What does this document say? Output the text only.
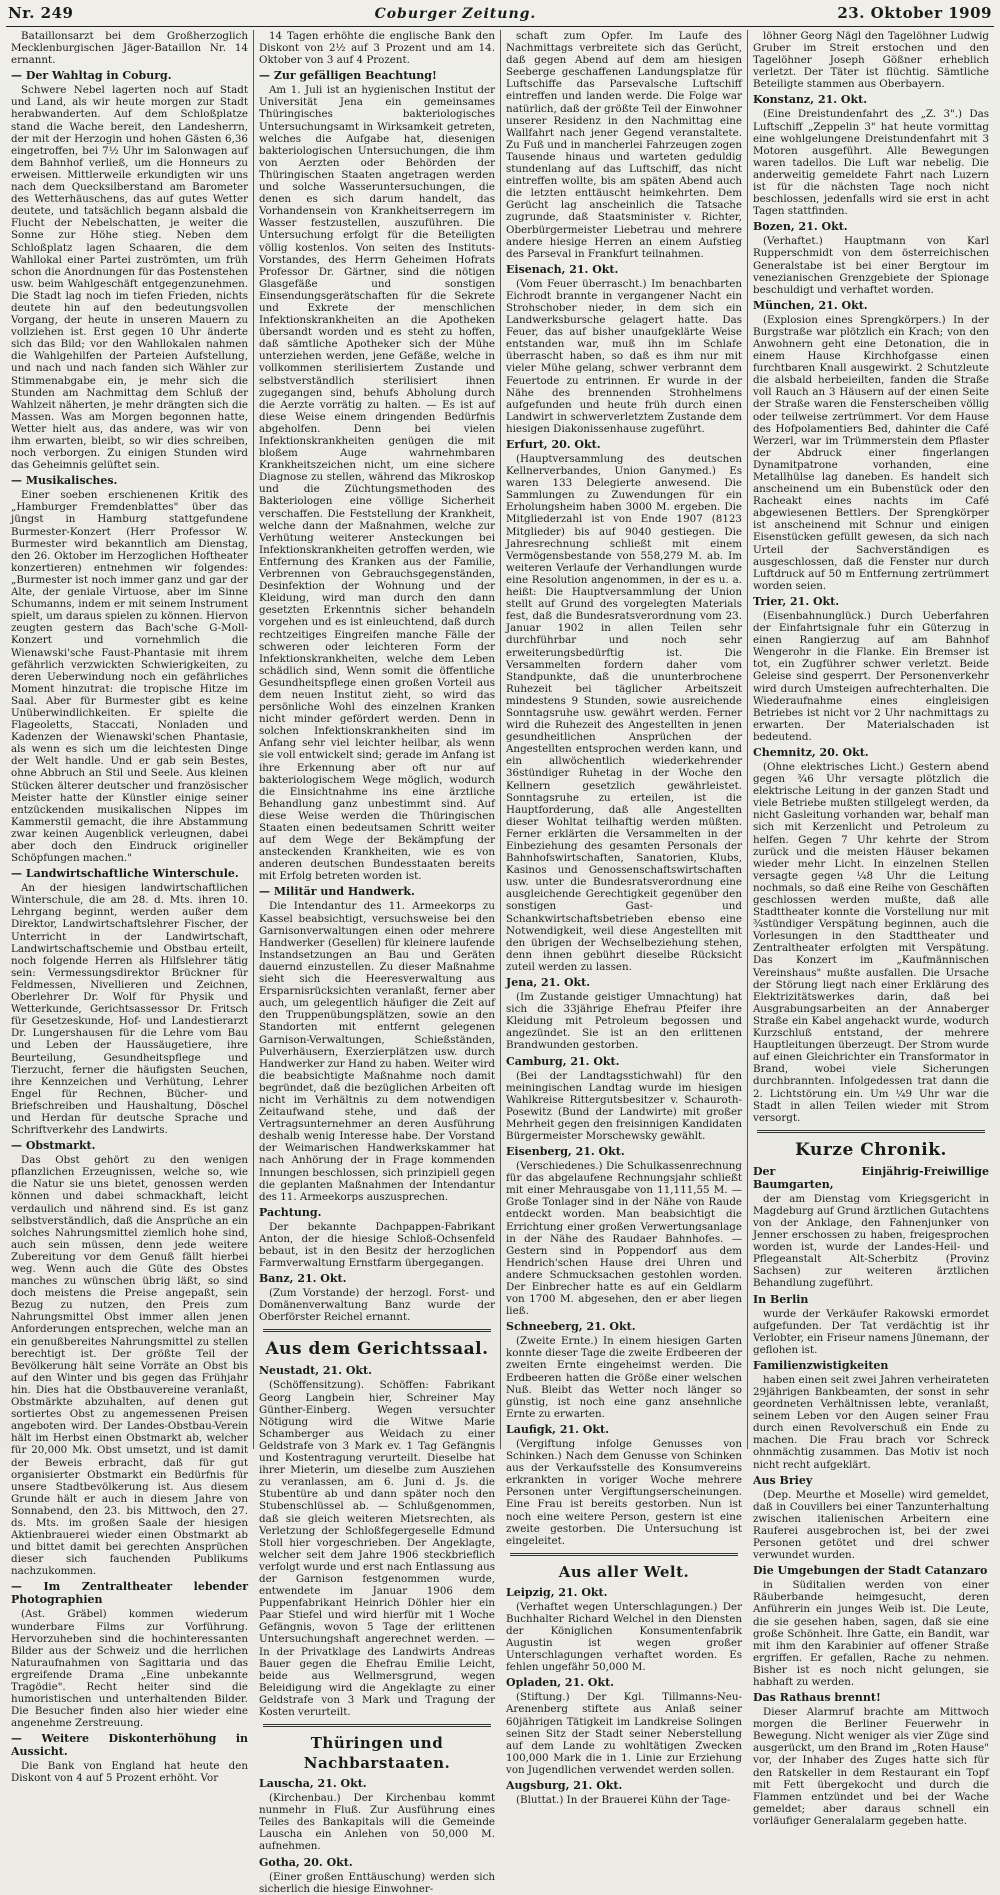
Nr. 249	Coburger Zeitung.	23. Oktober 1909

Bataillonsarzt bei dem Großherzoglich Mecklenburgischen Jäger-Bataillon Nr. 14 ernannt.

— Der Wahltag in Coburg.

Schwere Nebel lagerten noch auf Stadt und Land, als wir heute morgen zur Stadt herabwanderten. Auf dem Schloßplatze stand die Wache bereit, den Landesherrn, der mit der Herzogin und hohen Gästen 6,36 eingetroffen, bei 7½ Uhr im Salonwagen auf dem Bahnhof verließ, um die Honneurs zu erweisen. Mittlerweile erkundigten wir uns nach dem Quecksilberstand am Barometer des Wetterhäuschens, das auf gutes Wetter deutete, und tatsächlich begann alsbald die Flucht der Nebelschatten, je weiter die Sonne zur Höhe stieg. Neben dem Schloßplatz lagen Schaaren, die dem Wahllokal einer Partei zuströmten, um früh schon die Anordnungen für das Postenstehen usw. beim Wahlgeschäft entgegenzunehmen. Die Stadt lag noch im tiefen Frieden, nichts deutete hin auf den bedeutungsvollen Vorgang, der heute in unseren Mauern zu vollziehen ist. Erst gegen 10 Uhr änderte sich das Bild; vor den Wahllokalen nahmen die Wahlgehilfen der Parteien Aufstellung, und nach und nach fanden sich Wähler zur Stimmenabgabe ein, je mehr sich die Stunden am Nachmittag dem Schluß der Wahlzeit näherten, je mehr drängten sich die Massen. Was am Morgen begonnen hatte, Wetter hielt aus, das andere, was wir von ihm erwarten, bleibt, so wir dies schreiben, noch verborgen. Zu einigen Stunden wird das Geheimnis gelüftet sein.

— Musikalisches.

Einer soeben erschienenen Kritik des „Hamburger Fremdenblattes" über das jüngst in Hamburg stattgefundene Burmester-Konzert (Herr Professor W. Burmester wird bekanntlich am Dienstag, den 26. Oktober im Herzoglichen Hoftheater konzertieren) entnehmen wir folgendes: „Burmester ist noch immer ganz und gar der Alte, der geniale Virtuose, aber im Sinne Schumanns, indem er mit seinem Instrument spielt, um daraus spielen zu können. Hiervon zeugten gestern das Bach'sche G-Moll-Konzert und vornehmlich die Wienawski'sche Faust-Phantasie mit ihrem gefährlich verzwickten Schwierigkeiten, zu deren Ueberwindung noch ein gefährliches Moment hinzutrat: die tropische Hitze im Saal. Aber für Burmester gibt es keine Unüberwindlichkeiten. Er spielte die Flageoletts, Staccati, Nonladen und Kadenzen der Wienawski'schen Phantasie, als wenn es sich um die leichtesten Dinge der Welt handle. Und er gab sein Bestes, ohne Abbruch an Stil und Seele. Aus kleinen Stücken älterer deutscher und französischer Meister hatte der Künstler einige seiner entzückenden musikalischen Nippes im Kammerstil gemacht, die ihre Abstammung zwar keinen Augenblick verleugnen, dabei aber doch den Eindruck origineller Schöpfungen machen."

— Landwirtschaftliche Winterschule.

An der hiesigen landwirtschaftlichen Winterschule, die am 28. d. Mts. ihren 10. Lehrgang beginnt, werden außer dem Direktor, Landwirtschaftslehrer Fischer, der Unterricht in der Landwirtschaft, Landwirtschaftschemie und Obstbau erteilt, noch folgende Herren als Hilfslehrer tätig sein: Vermessungsdirektor Brückner für Feldmessen, Nivellieren und Zeichnen, Oberlehrer Dr. Wolf für Physik und Wetterkunde, Gerichtsassessor Dr. Fritsch für Gesetzeskunde, Hof- und Landestierarzt Dr. Lungershausen für die Lehre vom Bau und Leben der Haussäugetiere, ihre Beurteilung, Gesundheitspflege und Tierzucht, ferner die häufigsten Seuchen, ihre Kennzeichen und Verhütung, Lehrer Engel für Rechnen, Bücher- und Briefschreiben und Haushaltung, Döschel und Herdan für deutsche Sprache und Schriftverkehr des Landwirts.

— Obstmarkt.

Das Obst gehört zu den wenigen pflanzlichen Erzeugnissen, welche so, wie die Natur sie uns bietet, genossen werden können und dabei schmackhaft, leicht verdaulich und nährend sind. Es ist ganz selbstverständlich, daß die Ansprüche an ein solches Nahrungsmittel ziemlich hohe sind, auch sein müssen, denn jede weitere Zubereitung vor dem Genuß fällt hierbei weg. Wenn auch die Güte des Obstes manches zu wünschen übrig läßt, so sind doch meistens die Preise angepaßt, sein Bezug zu nutzen, den Preis zum Nahrungsmittel Obst immer allen jenen Anforderungen entsprechen, welche man an ein genußbereites Nahrungsmittel zu stellen berechtigt ist. Der größte Teil der Bevölkerung hält seine Vorräte an Obst bis auf den Winter und bis gegen das Frühjahr hin. Dies hat die Obstbauvereine veranlaßt, Obstmärkte abzuhalten, auf denen gut sortiertes Obst zu angemessenen Preisen angeboten wird. Der Landes-Obstbau-Verein hält im Herbst einen Obstmarkt ab, welcher für 20,000 Mk. Obst umsetzt, und ist damit der Beweis erbracht, daß für gut organisierter Obstmarkt ein Bedürfnis für unsere Stadtbevölkerung ist. Aus diesem Grunde hält er auch in diesem Jahre von Sonnabend, den 23. bis Mittwoch, den 27. ds. Mts. im großen Saale der hiesigen Aktienbrauerei wieder einen Obstmarkt ab und bittet damit bei gerechten Ansprüchen dieser sich fauchenden Publikums nachzukommen.

— Im Zentraltheater lebender Photographien

(Ast. Gräbel) kommen wiederum wunderbare Films zur Vorführung. Hervorzuheben sind die hochinteressanten Bilder aus der Schweiz und die herrlichen Naturaufnahmen von Sagittaria und das ergreifende Drama „Eine unbekannte Tragödie". Recht heiter sind die humoristischen und unterhaltenden Bilder. Die Besucher finden also hier wieder eine angenehme Zerstreuung.

— Weitere Diskonterhöhung in Aussicht.

Die Bank von England hat heute den Diskont von 4 auf 5 Prozent erhöht. Vor

14 Tagen erhöhte die englische Bank den Diskont von 2½ auf 3 Prozent und am 14. Oktober von 3 auf 4 Prozent.

— Zur gefälligen Beachtung!

Am 1. Juli ist an hygienischen Institut der Universität Jena ein gemeinsames Thüringisches bakteriologisches Untersuchungsamt in Wirksamkeit getreten, welches die Aufgabe hat, diesenigen bakteriologischen Untersuchungen, die ihm von Aerzten oder Behörden der Thüringischen Staaten angetragen werden und solche Wasseruntersuchungen, die denen es sich darum handelt, das Vorhandensein von Krankheitserregern im Wasser festzustellen, auszuführen. Die Untersuchung erfolgt für die Beteiligten völlig kostenlos. Von seiten des Instituts-Vorstandes, des Herrn Geheimen Hofrats Professor Dr. Gärtner, sind die nötigen Glasgefäße und sonstigen Einsendungsgerätschaften für die Sekrete und Exkrete der menschlichen Infektionskrankheiten an die Apotheken übersandt worden und es steht zu hoffen, daß sämtliche Apotheker sich der Mühe unterziehen werden, jene Gefäße, welche in vollkommen sterilisiertem Zustande und selbstverständlich sterilisiert ihnen zugegangen sind, behufs Abholung durch die Aerzte vorrätig zu halten. — Es ist auf diese Weise einem dringenden Bedürfnis abgeholfen. Denn bei vielen Infektionskrankheiten genügen die mit bloßem Auge wahrnehmbaren Krankheitszeichen nicht, um eine sichere Diagnose zu stellen, während das Mikroskop und die Züchtungsmethoden des Bakteriologen eine völlige Sicherheit verschaffen. Die Feststellung der Krankheit, welche dann der Maßnahmen, welche zur Verhütung weiterer Ansteckungen bei Infektionskrankheiten getroffen werden, wie Entfernung des Kranken aus der Familie, Verbrennen von Gebrauchsgegenständen, Desinfektion der Wohnung und der Kleidung, wird man durch den dann gesetzten Erkenntnis sicher behandeln vorgehen und es ist einleuchtend, daß durch rechtzeitiges Eingreifen manche Fälle der schweren oder leichteren Form der Infektionskrankheiten, welche dem Leben schädlich sind, Wenn somit die öffentliche Gesundheitspflege einen großen Vorteil aus dem neuen Institut zieht, so wird das persönliche Wohl des einzelnen Kranken nicht minder gefördert werden. Denn in solchen Infektionskrankheiten sind im Anfang sehr viel leichter heilbar, als wenn sie voll entwickelt sind; gerade im Anfang ist ihre Erkennung aber oft nur auf bakteriologischem Wege möglich, wodurch die Einsichtnahme ins eine ärztliche Behandlung ganz unbestimmt sind. Auf diese Weise werden die Thüringischen Staaten einen bedeutsamen Schritt weiter auf dem Wege der Bekämpfung der ansteckenden Krankheiten, wie es von anderen deutschen Bundesstaaten bereits mit Erfolg betreten worden ist.

— Militär und Handwerk.

Die Intendantur des 11. Armeekorps zu Kassel beabsichtigt, versuchsweise bei den Garnisonverwaltungen einen oder mehrere Handwerker (Gesellen) für kleinere laufende Instandsetzungen an Bau und Geräten dauernd einzustellen. Zu dieser Maßnahme sieht sich die Heeresverwaltung aus Ersparnisrücksichten veranlaßt, ferner aber auch, um gelegentlich häufiger die Zeit auf den Truppenübungsplätzen, sowie an den Standorten mit entfernt gelegenen Garnison-Verwaltungen, Schießständen, Pulverhäusern, Exerzierplätzen usw. durch Handwerker zur Hand zu haben. Weiter wird die beabsichtigte Maßnahme noch damit begründet, daß die bezüglichen Arbeiten oft nicht im Verhältnis zu dem notwendigen Zeitaufwand stehe, und daß der Vertragsunternehmer an deren Ausführung deshalb wenig Interesse habe. Der Vorstand der Weimarischen Handwerkskammer hat nach Anhörung der in Frage kommenden Innungen beschlossen, sich prinzipiell gegen die geplanten Maßnahmen der Intendantur des 11. Armeekorps auszusprechen.

Pachtung.

Der bekannte Dachpappen-Fabrikant Anton, der die hiesige Schloß-Ochsenfeld bebaut, ist in den Besitz der herzoglichen Farmverwaltung Ernstfarm übergegangen.

Banz, 21. Okt.

(Zum Vorstande) der herzogl. Forst- und Domänenverwaltung Banz wurde der Oberförster Reichel ernannt.

Aus dem Gerichtssaal.
Neustadt, 21. Okt.

(Schöffensitzung). Schöffen: Fabrikant Georg Langbein hier, Schreiner May Günther-Einberg. Wegen versuchter Nötigung wird die Witwe Marie Schamberger aus Weidach zu einer Geldstrafe von 3 Mark ev. 1 Tag Gefängnis und Kostentragung verurteilt. Dieselbe hat ihrer Mieterin, um dieselbe zum Ausziehen zu veranlassen, am 6. Juni d. Js. die Stubentüre ab und dann später noch den Stubenschlüssel ab. — Schlußgenommen, daß sie gleich weiteren Mietsrechten, als Verletzung der Schloßfegergeselle Edmund Stoll hier vorgeschrieben. Der Angeklagte, welcher seit dem Jahre 1906 steckbrieflich verfolgt wurde und erst nach Entlassung aus der Garnison festgenommen wurde, entwendete im Januar 1906 dem Puppenfabrikant Heinrich Döhler hier ein Paar Stiefel und wird hierfür mit 1 Woche Gefängnis, wovon 5 Tage der erlittenen Untersuchungshaft angerechnet werden. — In der Privatklage des Landwirts Andreas Bauer gegen die Ehefrau Emilie Leicht, beide aus Wellmersgrund, wegen Beleidigung wird die Angeklagte zu einer Geldstrafe von 3 Mark und Tragung der Kosten verurteilt.

Thüringen und Nachbarstaaten.
Lauscha, 21. Okt.

(Kirchenbau.) Der Kirchenbau kommt nunmehr in Fluß. Zur Ausführung eines Teiles des Bankapitals will die Gemeinde Lauscha ein Anlehen von 50,000 M. aufnehmen.

Gotha, 20. Okt.

(Einer großen Enttäuschung) werden sich sicherlich die hiesige Einwohner-

schaft zum Opfer. Im Laufe des Nachmittags verbreitete sich das Gerücht, daß gegen Abend auf dem am hiesigen Seeberge geschaffenen Landungsplatze für Luftschiffe das Parsevalsche Luftschiff eintreffen und landen werde. Die Folge war natürlich, daß der größte Teil der Einwohner unserer Residenz in den Nachmittag eine Wallfahrt nach jener Gegend veranstaltete. Zu Fuß und in mancherlei Fahrzeugen zogen Tausende hinaus und warteten geduldig stundenlang auf das Luftschiff, das nicht eintreffen wollte, bis am späten Abend auch die letzten enttäuscht heimkehrten. Dem Gerücht lag anscheinlich die Tatsache zugrunde, daß Staatsminister v. Richter, Oberbürgermeister Liebetrau und mehrere andere hiesige Herren an einem Aufstieg des Parseval in Frankfurt teilnahmen.

Eisenach, 21. Okt.

(Vom Feuer überrascht.) Im benachbarten Eichrodt brannte in vergangener Nacht ein Strohschober nieder, in dem sich ein Landwerksbursche gelagert hatte. Das Feuer, das auf bisher unaufgeklärte Weise entstanden war, muß ihn im Schlafe überrascht haben, so daß es ihm nur mit vieler Mühe gelang, schwer verbrannt dem Feuertode zu entrinnen. Er wurde in der Nähe des brennenden Strohhelmens aufgefunden und heute früh durch einen Landwirt in schwerverletztem Zustande dem hiesigen Diakonissenhause zugeführt.

Erfurt, 20. Okt.

(Hauptversammlung des deutschen Kellnerverbandes, Union Ganymed.) Es waren 133 Delegierte anwesend. Die Sammlungen zu Zuwendungen für ein Erholungsheim haben 3000 M. ergeben. Die Mitgliederzahl ist von Ende 1907 (8123 Mitglieder) bis auf 9040 gestiegen. Die Jahresrechnung schließt mit einem Vermögensbestande von 558,279 M. ab. Im weiteren Verlaufe der Verhandlungen wurde eine Resolution angenommen, in der es u. a. heißt: Die Hauptversammlung der Union stellt auf Grund des vorgelegten Materials fest, daß die Bundesratsverordnung vom 23. Januar 1902 in allen Teilen sehr durchführbar und noch sehr erweiterungsbedürftig ist. Die Versammelten fordern daher vom Standpunkte, daß die ununterbrochene Ruhezeit bei täglicher Arbeitszeit mindestens 9 Stunden, sowie ausreichende Sonntagsruhe usw. gewährt werden. Ferner wird die Ruhezeit des Angestellten in jenen gesundheitlichen Ansprüchen der Angestellten entsprochen werden kann, und ein allwöchentlich wiederkehrender 36stündiger Ruhetag in der Woche den Kellnern gesetzlich gewährleistet. Sonntagsruhe zu erteilen, ist die Hauptforderung, daß alle Angestellten dieser Wohltat teilhaftig werden müßten. Ferner erklärten die Versammelten in der Einbeziehung des gesamten Personals der Bahnhofswirtschaften, Sanatorien, Klubs, Kasinos und Genossenschaftswirtschaften usw. unter die Bundesratsverordnung eine ausgleichende Gerechtigkeit gegenüber den sonstigen Gast- und Schankwirtschaftsbetrieben ebenso eine Notwendigkeit, weil diese Angestellten mit den übrigen der Wechselbeziehung stehen, denn ihnen gebührt dieselbe Rücksicht zuteil werden zu lassen.

Jena, 21. Okt.

(Im Zustande geistiger Umnachtung) hat sich die 33jährige Ehefrau Pfeifer ihre Kleidung mit Petroleum begossen und angezündet. Sie ist an den erlittenen Brandwunden gestorben.

Camburg, 21. Okt.

(Bei der Landtagsstichwahl) für den meiningischen Landtag wurde im hiesigen Wahlkreise Rittergutsbesitzer v. Schauroth-Posewitz (Bund der Landwirte) mit großer Mehrheit gegen den freisinnigen Kandidaten Bürgermeister Morschewsky gewählt.

Eisenberg, 21. Okt.

(Verschiedenes.) Die Schulkassenrechnung für das abgelaufene Rechnungsjahr schließt mit einer Mehrausgabe von 11,111,55 M. — Große Tonlager sind in der Nähe von Raude entdeckt worden. Man beabsichtigt die Errichtung einer großen Verwertungsanlage in der Nähe des Raudaer Bahnhofes. — Gestern sind in Poppendorf aus dem Hendrich'schen Hause drei Uhren und andere Schmucksachen gestohlen worden. Der Einbrecher hatte es auf ein Geldlarm von 1700 M. abgesehen, den er aber liegen ließ.

Schneeberg, 21. Okt.

(Zweite Ernte.) In einem hiesigen Garten konnte dieser Tage die zweite Erdbeeren der zweiten Ernte eingeheimst werden. Die Erdbeeren hatten die Größe einer welschen Nuß. Bleibt das Wetter noch länger so günstig, ist noch eine ganz ansehnliche Ernte zu erwarten.

Laufigk, 21. Okt.

(Vergiftung infolge Genusses von Schinken.) Nach dem Genusse von Schinken aus der Verkaufsstelle des Konsumvereins erkrankten in voriger Woche mehrere Personen unter Vergiftungserscheinungen. Eine Frau ist bereits gestorben. Nun ist noch eine weitere Person, gestern ist eine zweite gestorben. Die Untersuchung ist eingeleitet.

Aus aller Welt.
Leipzig, 21. Okt.

(Verhaftet wegen Unterschlagungen.) Der Buchhalter Richard Welchel in den Diensten der Königlichen Konsumentenfabrik Augustin ist wegen großer Unterschlagungen verhaftet worden. Es fehlen ungefähr 50,000 M.

Opladen, 21. Okt.

(Stiftung.) Der Kgl. Tillmanns-Neu-Arenenberg stiftete aus Anlaß seiner 60jährigen Tätigkeit im Landkreise Solingen seinen Sitz der Stadt seiner Neberstellung auf dem Lande zu wohltätigen Zwecken 100,000 Mark die in 1. Linie zur Erziehung von Jugendlichen verwendet werden sollen.

Augsburg, 21. Okt.

(Bluttat.) In der Brauerei Kühn der Tage-

löhner Georg Nägl den Tagelöhner Ludwig Gruber im Streit erstochen und den Tagelöhner Joseph Gößner erheblich verletzt. Der Täter ist flüchtig. Sämtliche Beteiligte stammen aus Oberbayern.

Konstanz, 21. Okt.

(Eine Dreistundenfahrt des „Z. 3".) Das Luftschiff „Zeppelin 3" hat heute vormittag eine wohlgelungene Dreistundenfahrt mit 3 Motoren ausgeführt. Alle Bewegungen waren tadellos. Die Luft war nebelig. Die anderweitig gemeldete Fahrt nach Luzern ist für die nächsten Tage noch nicht beschlossen, jedenfalls wird sie erst in acht Tagen stattfinden.

Bozen, 21. Okt.

(Verhaftet.) Hauptmann von Karl Rupperschmidt von dem österreichischen Generalstabe ist bei einer Bergtour im venezianischen Grenzgebiete der Spionage beschuldigt und verhaftet worden.

München, 21. Okt.

(Explosion eines Sprengkörpers.) In der Burgstraße war plötzlich ein Krach; von den Anwohnern geht eine Detonation, die in einem Hause Kirchhofgasse einen furchtbaren Knall ausgewirkt. 2 Schutzleute die alsbald herbeieilten, fanden die Straße voll Rauch an 3 Häusern auf der einen Seite der Straße waren die Fensterscheiben völlig oder teilweise zertrümmert. Vor dem Hause des Hofpolamentiers Bed, dahinter die Café Werzerl, war im Trümmerstein dem Pflaster der Abdruck einer fingerlangen Dynamitpatrone vorhanden, eine Metallhülse lag daneben. Es handelt sich anscheinend um ein Bubenstück oder den Racheakt eines nachts im Café abgewiesenen Bettlers. Der Sprengkörper ist anscheinend mit Schnur und einigen Eisenstücken gefüllt gewesen, da sich nach Urteil der Sachverständigen es ausgeschlossen, daß die Fenster nur durch Luftdruck auf 50 m Entfernung zertrümmert worden seien.

Trier, 21. Okt.

(Eisenbahnunglück.) Durch Ueberfahren der Einfahrtsignale fuhr ein Güterzug in einen Rangierzug auf am Bahnhof Wengerohr in die Flanke. Ein Bremser ist tot, ein Zugführer schwer verletzt. Beide Geleise sind gesperrt. Der Personenverkehr wird durch Umsteigen aufrechterhalten. Die Wiederaufnahme eines eingleisigen Betriebes ist nicht vor 2 Uhr nachmittags zu erwarten. Der Materialschaden ist bedeutend.

Chemnitz, 20. Okt.

(Ohne elektrisches Licht.) Gestern abend gegen ¾6 Uhr versagte plötzlich die elektrische Leitung in der ganzen Stadt und viele Betriebe mußten stillgelegt werden, da nicht Gasleitung vorhanden war, behalf man sich mit Kerzenlicht und Petroleum zu helfen. Gegen 7 Uhr kehrte der Strom zurück und die meisten Häuser bekamen wieder mehr Licht. In einzelnen Stellen versagte gegen ¼8 Uhr die Leitung nochmals, so daß eine Reihe von Geschäften geschlossen werden mußte, daß alle Stadttheater konnte die Vorstellung nur mit ¾stündiger Verspätung beginnen, auch die Vorlesungen in den Stadttheater und Zentraltheater erfolgten mit Verspätung. Das Konzert im „Kaufmännischen Vereinshaus" mußte ausfallen. Die Ursache der Störung liegt nach einer Erklärung des Elektrizitätswerkes darin, daß bei Ausgrabungsarbeiten an der Annaberger Straße ein Kabel angehackt wurde, wodurch Kurzschluß entstand, der mehrere Hauptleitungen überzeugt. Der Strom wurde auf einen Gleichrichter ein Transformator in Brand, wobei viele Sicherungen durchbrannten. Infolgedessen trat dann die 2. Lichtstörung ein. Um ¼9 Uhr war die Stadt in allen Teilen wieder mit Strom versorgt.

Kurze Chronik.
Der Einjährig-Freiwillige Baumgarten,

der am Dienstag vom Kriegsgericht in Magdeburg auf Grund ärztlichen Gutachtens von der Anklage, den Fahnenjunker von Jenner erschossen zu haben, freigesprochen worden ist, wurde der Landes-Heil- und Pflegeanstalt Alt-Scherbitz (Provinz Sachsen) zur weiteren ärztlichen Behandlung zugeführt.

In Berlin

wurde der Verkäufer Rakowski ermordet aufgefunden. Der Tat verdächtig ist ihr Verlobter, ein Friseur namens Jünemann, der geflohen ist.

Familienzwistigkeiten

haben einen seit zwei Jahren verheirateten 29jährigen Bankbeamten, der sonst in sehr geordneten Verhältnissen lebte, veranlaßt, seinem Leben vor den Augen seiner Frau durch einen Revolverschuß ein Ende zu machen. Die Frau brach vor Schreck ohnmächtig zusammen. Das Motiv ist noch nicht recht aufgeklärt.

Aus Briey

(Dep. Meurthe et Moselle) wird gemeldet, daß in Couvillers bei einer Tanzunterhaltung zwischen italienischen Arbeitern eine Rauferei ausgebrochen ist, bei der zwei Personen getötet und drei schwer verwundet wurden.

Die Umgebungen der Stadt Catanzaro

in Süditalien werden von einer Räuberbande heimgesucht, deren Anführerin ein junges Weib ist. Die Leute, die sie gesehen haben, sagen, daß sie eine große Schönheit. Ihre Gatte, ein Bandit, war mit ihm den Karabinier auf offener Straße ergriffen. Er gefallen, Rache zu nehmen. Bisher ist es noch nicht gelungen, sie habhaft zu werden.

Das Rathaus brennt!

Dieser Alarmruf brachte am Mittwoch morgen die Berliner Feuerwehr in Bewegung. Nicht weniger als vier Züge sind ausgerückt, um den Brand im „Roten Hause" vor, der Inhaber des Zuges hatte sich für den Ratskeller in dem Restaurant ein Topf mit Fett übergekocht und durch die Flammen entzündet und bei der Wache gemeldet; aber daraus schnell ein vorläufiger Generalalarm gegeben hatte.
